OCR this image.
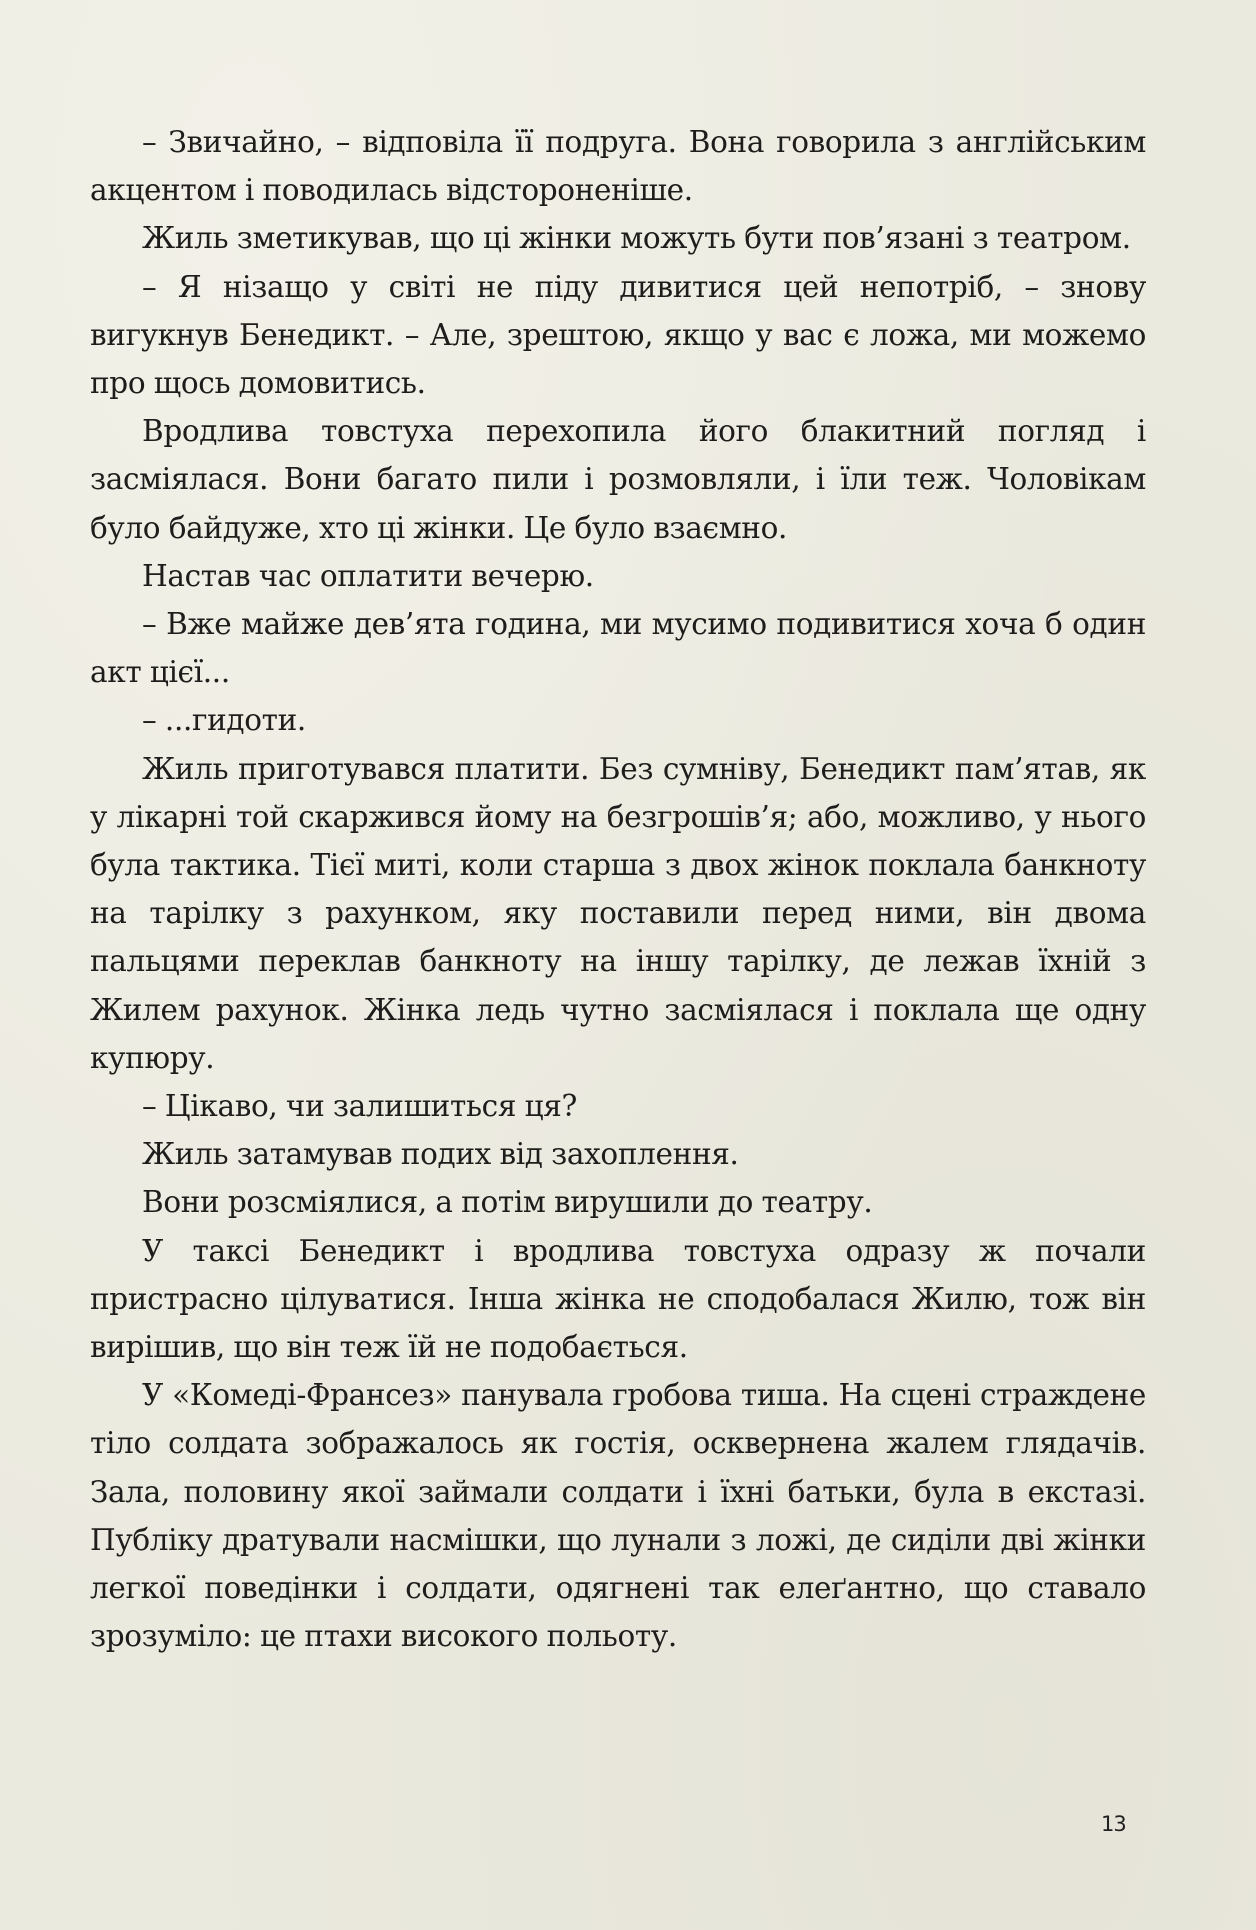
– Звичайно, – відповіла її подруга. Вона говорила з англійським акцентом і поводилась відстороненіше.

Жиль зметикував, що ці жінки можуть бути пов’язані з театром.

– Я нізащо у світі не піду дивитися цей непотріб, – знову вигукнув Бенедикт. – Але, зрештою, якщо у вас є ложа, ми можемо про щось домовитись.

Вродлива товстуха перехопила його блакитний погляд і засміялася. Вони багато пили і розмовляли, і їли теж. Чоловікам було байдуже, хто ці жінки. Це було взаємно.

Настав час оплатити вечерю.

– Вже майже дев’ята година, ми мусимо подивитися хоча б один акт цієї...

– ...гидоти.

Жиль приготувався платити. Без сумніву, Бенедикт пам’ятав, як у лікарні той скаржився йому на безгрошів’я; або, можливо, у нього була тактика. Тієї миті, коли старша з двох жінок поклала банкноту на тарілку з рахунком, яку поставили перед ними, він двома пальцями переклав банкноту на іншу тарілку, де лежав їхній з Жилем рахунок. Жінка ледь чутно засміялася і поклала ще одну купюру.

– Цікаво, чи залишиться ця?

Жиль затамував подих від захоплення.

Вони розсміялися, а потім вирушили до театру.

У таксі Бенедикт і вродлива товстуха одразу ж почали пристрасно цілуватися. Інша жінка не сподобалася Жилю, тож він вирішив, що він теж їй не подобається.

У «Комеді-Франсез» панувала гробова тиша. На сцені страждене тіло солдата зображалось як гостія, осквернена жалем глядачів. Зала, половину якої займали солдати і їхні батьки, була в екстазі. Публіку дратували насмішки, що лунали з ложі, де сиділи дві жінки легкої поведінки і солдати, одягнені так елеґантно, що ставало зрозуміло: це птахи високого польоту.

13
